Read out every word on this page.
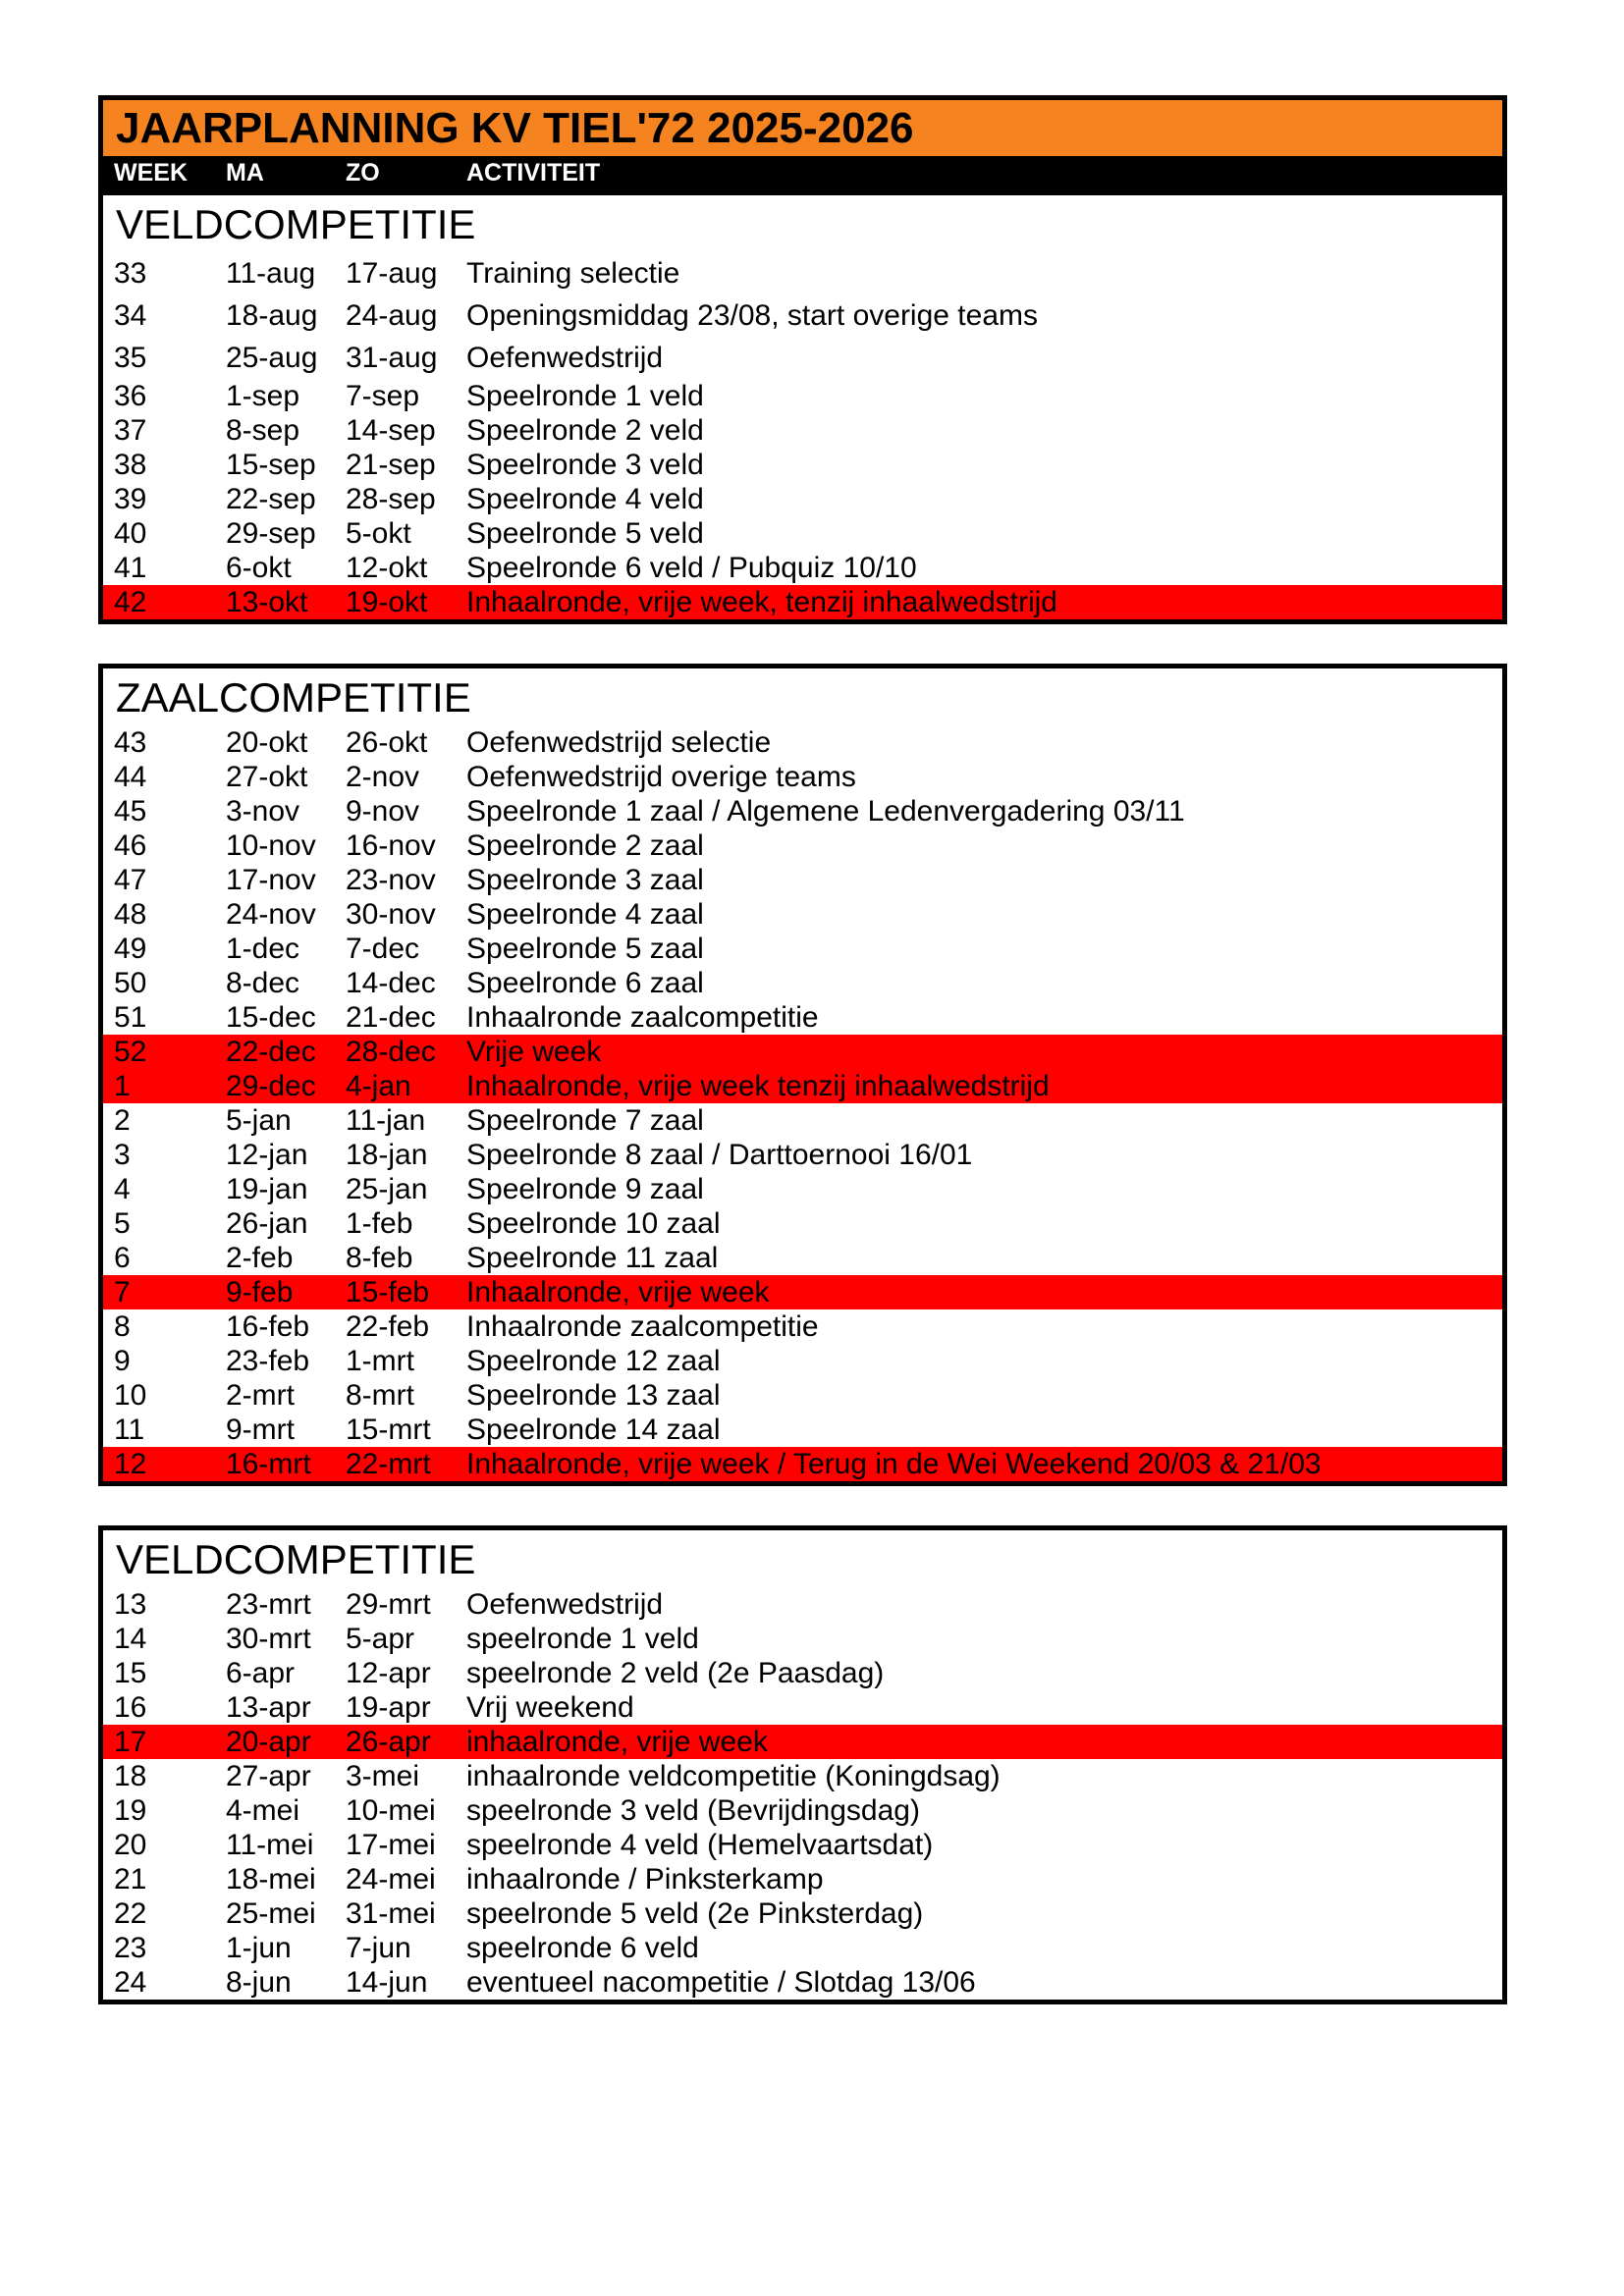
JAARPLANNING KV TIEL'72 2025-2026
WEEK	MA	ZO	ACTIVITEIT
VELDCOMPETITIE
33	11-aug	17-aug Training selectie
34	18-aug 24-aug Openingsmiddag 23/08, start overige teams
35	25-aug 31-aug Oefenwedstrijd
36	1-sep	7-sep	Speelronde 1 veld
37	8-sep	14-sep	Speelronde 2 veld
38	15-sep	21-sep	Speelronde 3 veld
39	22-sep	28-sep	Speelronde 4 veld
40	29-sep	5-okt	Speelronde 5 veld
41	6-okt	12-okt	Speelronde 6 veld / Pubquiz 10/10
42	13-okt	19-okt	Inhaalronde, vrije week, tenzij inhaalwedstrijd
ZAALCOMPETITIE
43	20-okt	26-okt	Oefenwedstrijd selectie
44	27-okt	2-nov	Oefenwedstrijd overige teams
45	3-nov	9-nov	Speelronde 1 zaal / Algemene Ledenvergadering 03/11
46	10-nov	16-nov	Speelronde 2 zaal
47	17-nov	23-nov	Speelronde 3 zaal
48	24-nov	30-nov	Speelronde 4 zaal
49	1-dec	7-dec	Speelronde 5 zaal
50	8-dec	14-dec	Speelronde 6 zaal
51	15-dec	21-dec	Inhaalronde zaalcompetitie
52	22-dec	28-dec	Vrije week
1	29-dec	4-jan	Inhaalronde, vrije week tenzij inhaalwedstrijd
2	5-jan	11-jan	Speelronde 7 zaal
3	12-jan	18-jan	Speelronde 8 zaal / Darttoernooi 16/01
4	19-jan	25-jan	Speelronde 9 zaal
5	26-jan	1-feb	Speelronde 10 zaal
6	2-feb	8-feb	Speelronde 11 zaal
7	9-feb	15-feb	Inhaalronde, vrije week
8	16-feb	22-feb	Inhaalronde zaalcompetitie
9	23-feb	1-mrt	Speelronde 12 zaal
10	2-mrt	8-mrt	Speelronde 13 zaal
11	9-mrt	15-mrt	Speelronde 14 zaal
12	16-mrt	22-mrt	Inhaalronde, vrije week / Terug in de Wei Weekend 20/03 & 21/03
VELDCOMPETITIE
13	23-mrt	29-mrt	Oefenwedstrijd
14	30-mrt	5-apr	speelronde 1 veld
15	6-apr	12-apr	speelronde 2 veld (2e Paasdag)
16	13-apr	19-apr	Vrij weekend
17	20-apr	26-apr	inhaalronde, vrije week
18	27-apr	3-mei	inhaalronde veldcompetitie (Koningdsag)
19	4-mei	10-mei	speelronde 3 veld (Bevrijdingsdag)
20	11-mei	17-mei	speelronde 4 veld (Hemelvaartsdat)
21	18-mei	24-mei	inhaalronde / Pinksterkamp
22	25-mei	31-mei	speelronde 5 veld (2e Pinksterdag)
23	1-jun	7-jun	speelronde 6 veld
24	8-jun	14-jun	eventueel nacompetitie / Slotdag 13/06
